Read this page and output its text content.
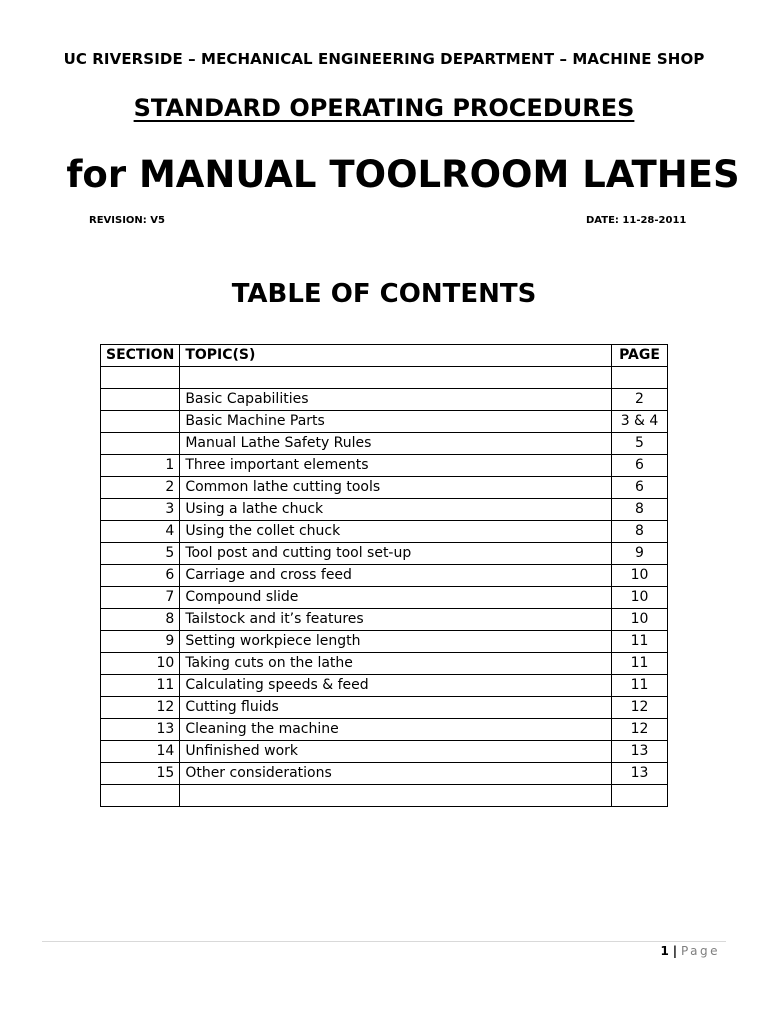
UC RIVERSIDE – MECHANICAL ENGINEERING DEPARTMENT – MACHINE SHOP
STANDARD OPERATING PROCEDURES
for MANUAL TOOLROOM LATHES
REVISION: V5	DATE: 11-28-2011
TABLE OF CONTENTS
SECTION	TOPIC(S)	PAGE

	Basic Capabilities	2
	Basic Machine Parts	3 & 4
	Manual Lathe Safety Rules	5
1	Three important elements	6
2	Common lathe cutting tools	6
3	Using a lathe chuck	8
4	Using the collet chuck	8
5	Tool post and cutting tool set-up	9
6	Carriage and cross feed	10
7	Compound slide	10
8	Tailstock and it’s features	10
9	Setting workpiece length	11
10	Taking cuts on the lathe	11
11	Calculating speeds & feed	11
12	Cutting fluids	12
13	Cleaning the machine	12
14	Unfinished work	13
15	Other considerations	13

1 | Page
